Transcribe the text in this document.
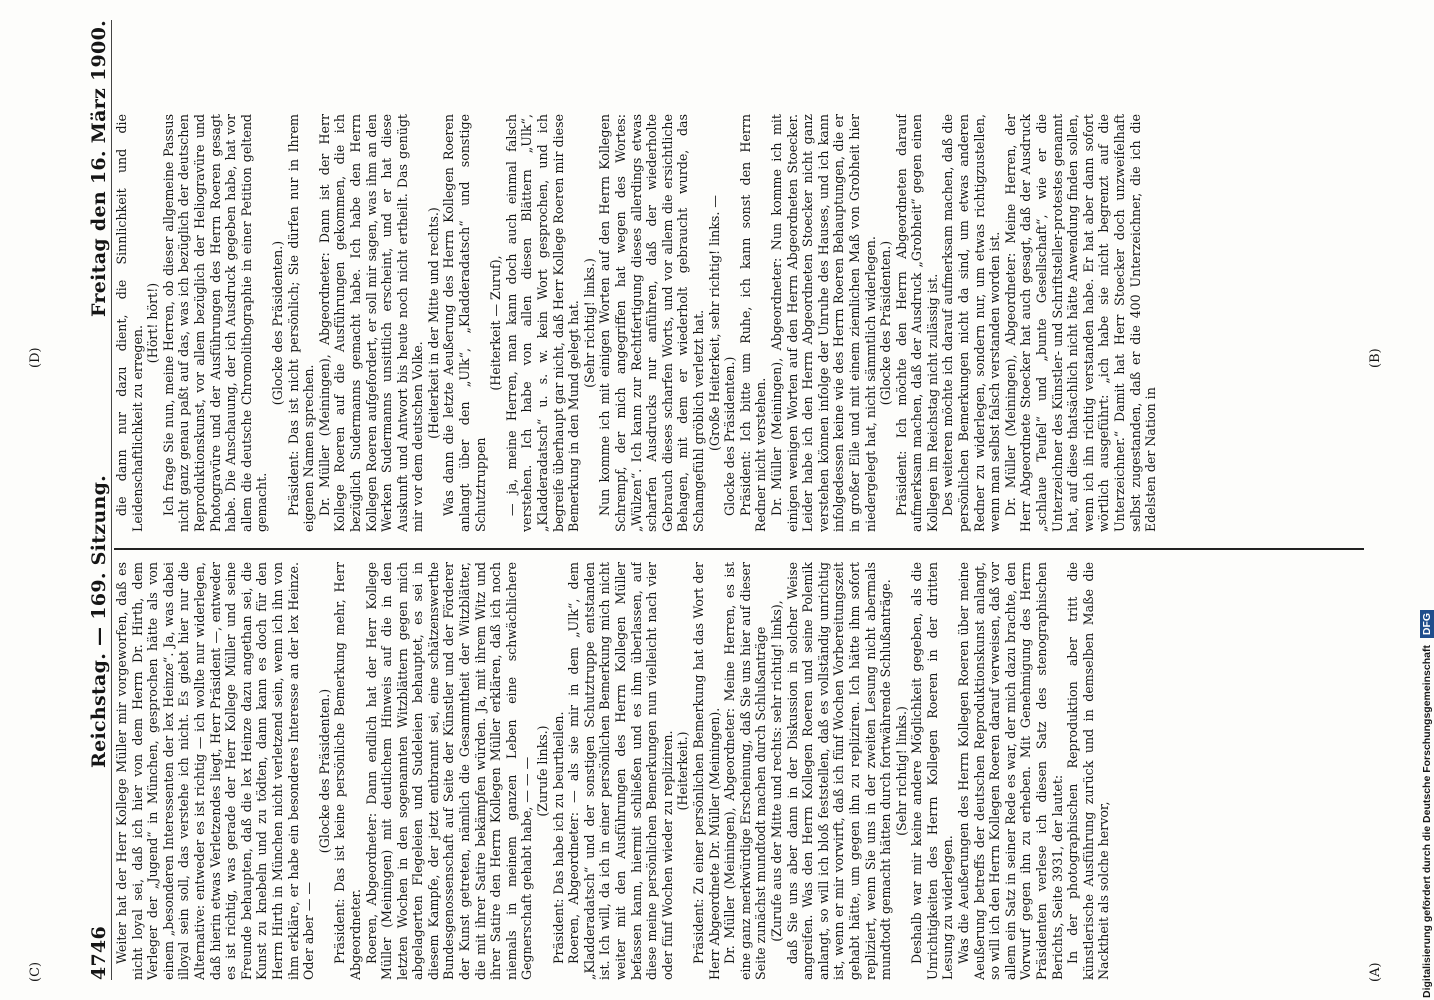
4746
Reichstag. — 169. Sitzung.
Freitag den 16. März 1900.

Weiter hat der Herr Kollege Müller mir vorgeworfen, daß es nicht loyal sei, daß ich hier von dem Herrn Dr. Hirth, dem Verleger der „Jugend“ in München, gesprochen hätte als von einem „besonderen Interessenten der lex Heinze“. Ja, was dabei illoyal sein soll, das verstehe ich nicht. Es giebt hier nur die Alternative: entweder es ist richtig — ich wollte nur widerlegen, daß hierin etwas Verletzendes liegt, Herr Präsident —, entweder es ist richtig, was gerade der Herr Kollege Müller und seine Freunde behaupten, daß die lex Heinze dazu angethan sei, die Kunst zu knebeln und zu tödten, dann kann es doch für den Herrn Hirth in München nicht verletzend sein, wenn ich ihn von ihm erkläre, er habe ein besonderes Interesse an der lex Heinze. Oder aber — —

(Glocke des Präsidenten.) Präsident: Das ist keine persönliche Bemerkung mehr, Herr Abgeordneter. Roeren, Abgeordneter: Dann endlich hat der Herr Kollege Müller (Meiningen) mit deutlichem Hinweis auf die in den letzten Wochen in den sogenannten Witzblättern gegen mich abgelagerten Flegeleien und Sudeleien behauptet, es sei in diesem Kampfe, der jetzt entbrannt sei, eine schätzenswerthe Bundesgenossenschaft auf Seite der Künstler und der Förderer der Kunst getreten, nämlich die Gesammtheit der Witzblätter, die mit ihrer Satire bekämpfen würden. Ja, mit ihrem Witz und ihrer Satire den Herrn Kollegen Müller erklären, daß ich noch niemals in meinem ganzen Leben eine schwächlichere Gegnerschaft gehabt habe, — — — (Zurufe links.) Präsident: Das habe ich zu beurtheilen. Roeren, Abgeordneter: — als sie mir in dem „Ulk“, dem „Kladderadatsch“ und der sonstigen Schutztruppe entstanden ist. Ich will, da ich in einer persönlichen Bemerkung mich nicht weiter mit den Ausführungen des Herrn Kollegen Müller befassen kann, hiermit schließen und es ihm überlassen, auf diese meine persönlichen Bemerkungen nun vielleicht nach vier oder fünf Wochen wieder zu repliziren. (Heiterkeit.) Präsident: Zu einer persönlichen Bemerkung hat das Wort der Herr Abgeordnete Dr. Müller (Meiningen). Dr. Müller (Meiningen), Abgeordneter: Meine Herren, es ist eine ganz merkwürdige Erscheinung, daß Sie uns hier auf dieser Seite zunächst mundtodt machen durch Schlußanträge (Zurufe aus der Mitte und rechts: sehr richtig! links), daß Sie uns aber dann in der Diskussion in solcher Weise angreifen. Was den Herrn Kollegen Roeren und seine Polemik anlangt, so will ich bloß feststellen, daß es vollständig unrichtig ist, wenn er mir vorwirft, daß ich fünf Wochen Vorbereitungszeit gehabt hätte, um gegen ihn zu repliziren. Ich hätte ihm sofort repliziert, wenn Sie uns in der zweiten Lesung nicht abermals mundtodt gemacht hätten durch fortwährende Schlußanträge. (Sehr richtig! links.) Deshalb war mir keine andere Möglichkeit gegeben, als die Unrichtigkeiten des Herrn Kollegen Roeren in der dritten Lesung zu widerlegen. Was die Aeußerungen des Herrn Kollegen Roeren über meine Aeußerung betreffs der deutschen Reproduktionskunst anlangt, so will ich den Herrn Kollegen Roeren darauf verweisen, daß vor allem ein Satz in seiner Rede es war, der mich dazu brachte, den Vorwurf gegen ihn zu erheben. Mit Genehmigung des Herrn Präsidenten verlese ich diesen Satz des stenographischen Berichts, Seite 3931, der lautet: In der photographischen Reproduktion aber tritt die künstlerische Ausführung zurück und in demselben Maße die Nacktheit als solche hervor,

die dann nur dazu dient, die Sinnlichkeit und die Leidenschaftlichkeit zu erregen.

(Hört! hört!) Ich frage Sie nun, meine Herren, ob dieser allgemeine Passus nicht ganz genau paßt auf das, was ich bezüglich der deutschen Reproduktionskunst, vor allem bezüglich der Heliogravüre und Photogravüre und der Ausführungen des Herrn Roeren gesagt habe. Die Anschauung, der ich Ausdruck gegeben habe, hat vor allem die deutsche Chromolithographie in einer Petition geltend gemacht.

(Glocke des Präsidenten.) Präsident: Das ist nicht persönlich; Sie dürfen nur in Ihrem eigenen Namen sprechen. Dr. Müller (Meiningen), Abgeordneter: Dann ist der Herr Kollege Roeren auf die Ausführungen gekommen, die ich bezüglich Sudermanns gemacht habe. Ich habe den Herrn Kollegen Roeren aufgefordert, er soll mir sagen, was ihm an den Werken Sudermanns unsittlich erscheint, und er hat diese Auskunft und Antwort bis heute noch nicht ertheilt. Das genügt mir vor dem deutschen Volke. (Heiterkeit in der Mitte und rechts.) Was dann die letzte Aeußerung des Herrn Kollegen Roeren anlangt über den „Ulk“, „Kladderadatsch“ und sonstige Schutztruppen

(Heiterkeit — Zuruf), — ja, meine Herren, man kann doch auch einmal falsch verstehen. Ich habe von allen diesen Blättern „Ulk“, „Kladderadatsch“ u. s. w. kein Wort gesprochen, und ich begreife überhaupt gar nicht, daß Herr Kollege Roeren mir diese Bemerkung in den Mund gelegt hat. (Sehr richtig! links.) Nun komme ich mit einigen Worten auf den Herrn Kollegen Schrempf, der mich angegriffen hat wegen des Wortes: „Wülzen“. Ich kann zur Rechtfertigung dieses allerdings etwas scharfen Ausdrucks nur anführen, daß der wiederholte Gebrauch dieses scharfen Worts, und vor allem die ersichtliche Behagen, mit dem er wiederholt gebraucht wurde, das Schamgefühl gröblich verletzt hat. (Große Heiterkeit, sehr richtig! links. — Glocke des Präsidenten.) Präsident: Ich bitte um Ruhe, ich kann sonst den Herrn Redner nicht verstehen. Dr. Müller (Meiningen), Abgeordneter: Nun komme ich mit einigen wenigen Worten auf den Herrn Abgeordneten Stoecker. Leider habe ich den Herrn Abgeordneten Stoecker nicht ganz verstehen können infolge der Unruhe des Hauses, und ich kann infolgedessen keine wie des Herrn Roeren Behauptungen, die er in großer Eile und mit einem ziemlichen Maß von Grobheit hier niedergelegt hat, nicht sämmtlich widerlegen. (Glocke des Präsidenten.) Präsident: Ich möchte den Herrn Abgeordneten darauf aufmerksam machen, daß der Ausdruck „Grobheit“ gegen einen Kollegen im Reichstag nicht zulässig ist. Des weiteren möchte ich darauf aufmerksam machen, daß die persönlichen Bemerkungen nicht da sind, um etwas anderen Redner zu widerlegen, sondern nur, um etwas richtigzustellen, wenn man selbst falsch verstanden worden ist. Dr. Müller (Meiningen), Abgeordneter: Meine Herren, der Herr Abgeordnete Stoecker hat auch gesagt, daß der Ausdruck „schlaue Teufel“ und „bunte Gesellschaft“, wie er die Unterzeichner des Künstler- und Schriftsteller-protestes genannt hat, auf diese thatsächlich nicht hätte Anwendung finden sollen, wenn ich ihn richtig verstanden habe. Er hat aber dann sofort wörtlich ausgeführt: „ich habe sie nicht begrenzt auf die Unterzeichner.“ Damit hat Herr Stoecker doch unzweifelhaft selbst zugestanden, daß er die 400 Unterzeichner, die ich die Edelsten der Nation in

(A)
(B)
(C)
(D)
Digitalisierung gefördert durch die Deutsche Forschungsgemeinschaft DFG
